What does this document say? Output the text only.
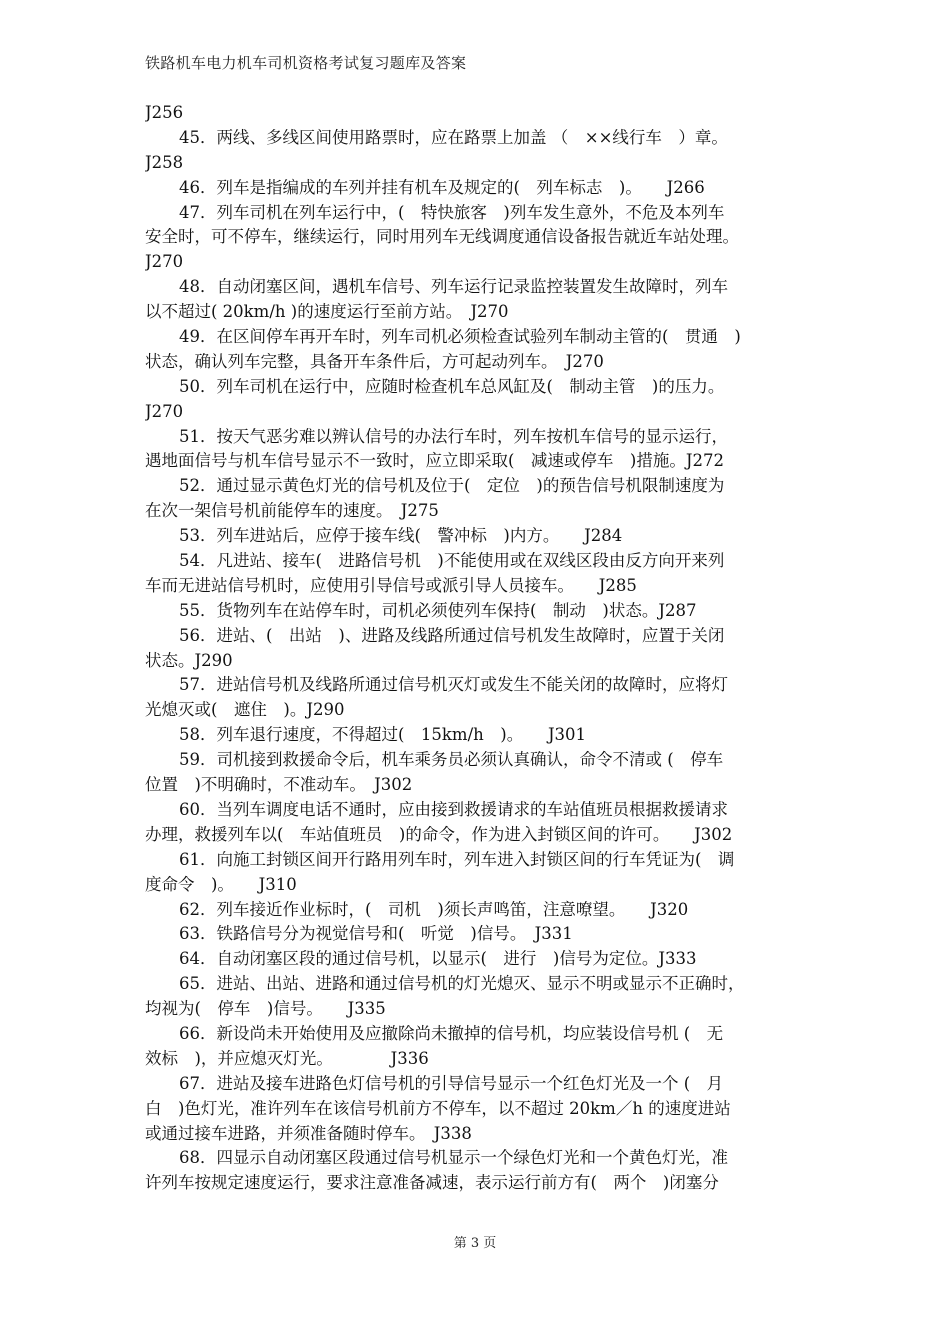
铁路机车电力机车司机资格考试复习题库及答案
J256
45．两线、多线区间使用路票时，应在路票上加盖 （　××线行车　）章。
J258
46．列车是指编成的车列并挂有机车及规定的(　列车标志　)。　　J266
47．列车司机在列车运行中，(　特快旅客　)列车发生意外，不危及本列车
安全时，可不停车，继续运行，同时用列车无线调度通信设备报告就近车站处理。
J270
48．自动闭塞区间，遇机车信号、列车运行记录监控装置发生故障时，列车
以不超过( 20km/h )的速度运行至前方站。　J270
49．在区间停车再开车时，列车司机必须检查试验列车制动主管的(　贯通　)
状态，确认列车完整，具备开车条件后，方可起动列车。　J270
50．列车司机在运行中，应随时检查机车总风缸及(　制动主管　)的压力。
J270
51．按天气恶劣难以辨认信号的办法行车时，列车按机车信号的显示运行，
遇地面信号与机车信号显示不一致时，应立即采取(　减速或停车　)措施。J272
52．通过显示黄色灯光的信号机及位于(　定位　)的预告信号机限制速度为
在次一架信号机前能停车的速度。　J275
53．列车进站后，应停于接车线(　警冲标　)内方。　　J284
54．凡进站、接车(　进路信号机　)不能使用或在双线区段由反方向开来列
车而无进站信号机时，应使用引导信号或派引导人员接车。　　J285
55．货物列车在站停车时，司机必须使列车保持(　制动　)状态。J287
56．进站、(　出站　)、进路及线路所通过信号机发生故障时，应置于关闭
状态。J290
57．进站信号机及线路所通过信号机灭灯或发生不能关闭的故障时，应将灯
光熄灭或(　遮住　)。J290
58．列车退行速度，不得超过(　15km/h　)。　　J301
59．司机接到救援命令后，机车乘务员必须认真确认，命令不清或 (　停车
位置　)不明确时，不准动车。　J302
60．当列车调度电话不通时，应由接到救援请求的车站值班员根据救援请求
办理，救援列车以(　车站值班员　)的命令，作为进入封锁区间的许可。　　J302
61．向施工封锁区间开行路用列车时，列车进入封锁区间的行车凭证为(　调
度命令　)。　　J310
62．列车接近作业标时，(　司机　)须长声鸣笛，注意嘹望。　　J320
63．铁路信号分为视觉信号和(　听觉　)信号。　J331
64．自动闭塞区段的通过信号机，以显示(　进行　)信号为定位。J333
65．进站、出站、进路和通过信号机的灯光熄灭、显示不明或显示不正确时，
均视为(　停车　)信号。　　J335
66．新设尚未开始使用及应撤除尚未撤掉的信号机，均应装设信号机 (　无
效标　)，并应熄灭灯光。　　　　J336
67．进站及接车进路色灯信号机的引导信号显示一个红色灯光及一个 (　月
白　)色灯光，准许列车在该信号机前方不停车，以不超过 20km／h 的速度进站
或通过接车进路，并须准备随时停车。　J338
68．四显示自动闭塞区段通过信号机显示一个绿色灯光和一个黄色灯光，准
许列车按规定速度运行，要求注意准备减速，表示运行前方有(　两个　)闭塞分
第 3 页
